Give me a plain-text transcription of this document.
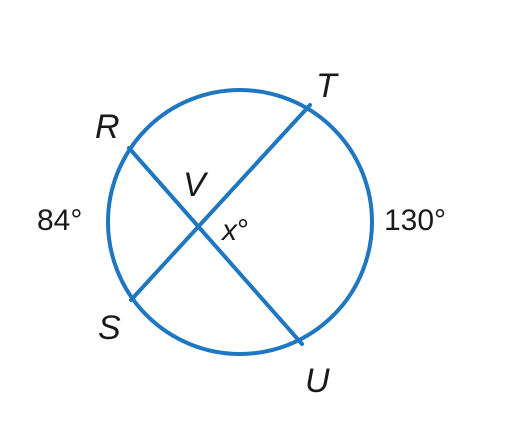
T
R
V
S
U
84°	130°
x°
